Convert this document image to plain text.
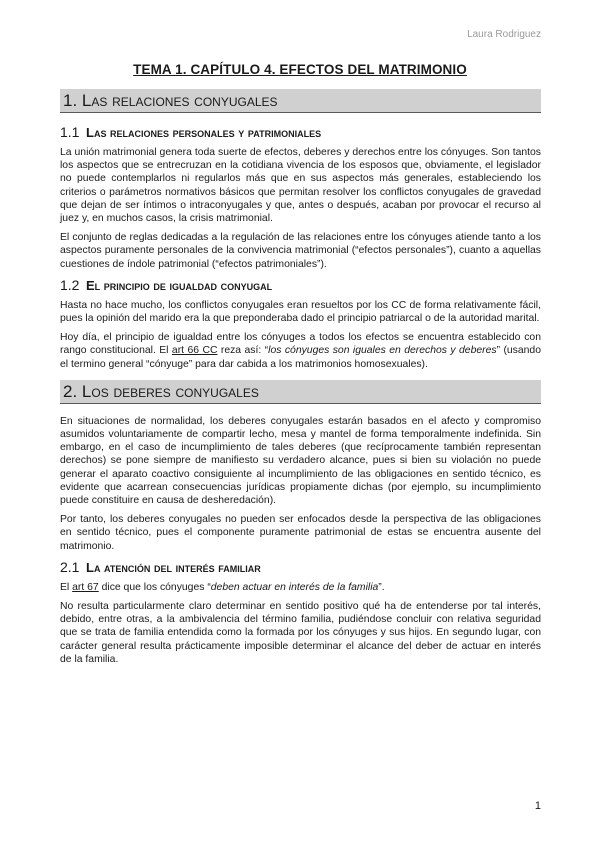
Laura Rodriguez
TEMA 1. CAPÍTULO 4. EFECTOS DEL MATRIMONIO
1. Las relaciones conyugales
1.1 Las relaciones personales y patrimoniales

La unión matrimonial genera toda suerte de efectos, deberes y derechos entre los cónyuges. Son tantos los aspectos que se entrecruzan en la cotidiana vivencia de los esposos que, obviamente, el legislador no puede contemplarlos ni regularlos más que en sus aspectos más generales, estableciendo los criterios o parámetros normativos básicos que permitan resolver los conflictos conyugales de gravedad que dejan de ser íntimos o intraconyugales y que, antes o después, acaban por provocar el recurso al juez y, en muchos casos, la crisis matrimonial.

El conjunto de reglas dedicadas a la regulación de las relaciones entre los cónyuges atiende tanto a los aspectos puramente personales de la convivencia matrimonial (“efectos personales”), cuanto a aquellas cuestiones de índole patrimonial (“efectos patrimoniales”).

1.2 El principio de igualdad conyugal

Hasta no hace mucho, los conflictos conyugales eran resueltos por los CC de forma relativamente fácil, pues la opinión del marido era la que preponderaba dado el principio patriarcal o de la autoridad marital.

Hoy día, el principio de igualdad entre los cónyuges a todos los efectos se encuentra establecido con rango constitucional. El art 66 CC reza así: “los cónyuges son iguales en derechos y deberes” (usando el termino general “cónyuge” para dar cabida a los matrimonios homosexuales).

2. Los deberes conyugales

En situaciones de normalidad, los deberes conyugales estarán basados en el afecto y compromiso asumidos voluntariamente de compartir lecho, mesa y mantel de forma temporalmente indefinida. Sin embargo, en el caso de incumplimiento de tales deberes (que recíprocamente también representan derechos) se pone siempre de manifiesto su verdadero alcance, pues si bien su violación no puede generar el aparato coactivo consiguiente al incumplimiento de las obligaciones en sentido técnico, es evidente que acarrean consecuencias jurídicas propiamente dichas (por ejemplo, su incumplimiento puede constituire en causa de desheredación).

Por tanto, los deberes conyugales no pueden ser enfocados desde la perspectiva de las obligaciones en sentido técnico, pues el componente puramente patrimonial de estas se encuentra ausente del matrimonio.

2.1 La atención del interés familiar

El art 67 dice que los cónyuges “deben actuar en interés de la familia”.

No resulta particularmente claro determinar en sentido positivo qué ha de entenderse por tal interés, debido, entre otras, a la ambivalencia del término familia, pudiéndose concluir con relativa seguridad que se trata de familia entendida como la formada por los cónyuges y sus hijos. En segundo lugar, con carácter general resulta prácticamente imposible determinar el alcance del deber de actuar en interés de la familia.

1
